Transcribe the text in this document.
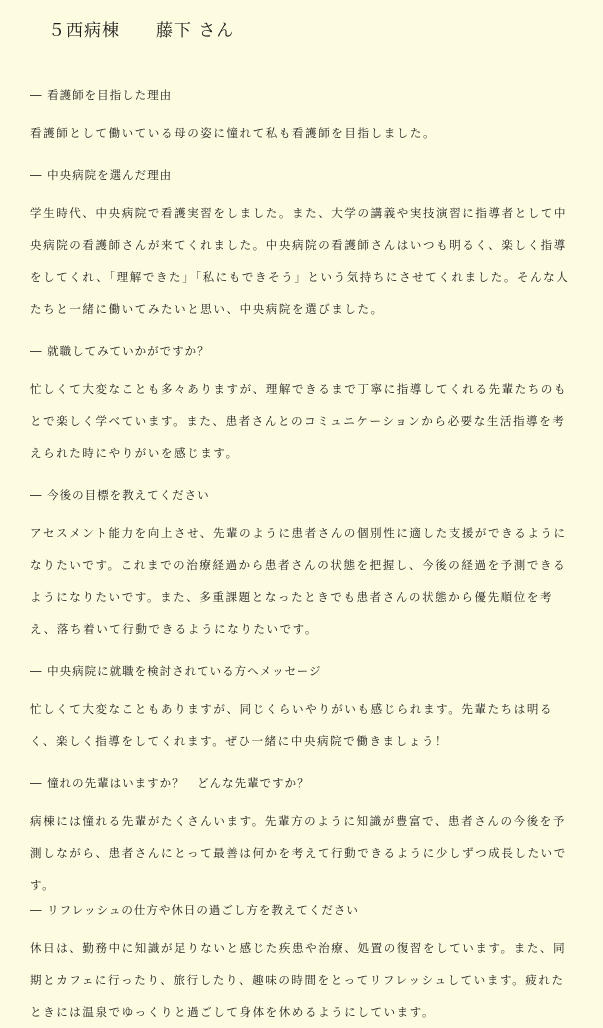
５西病棟　　 藤下 さん

― 看護師を目指した理由

看護師として働いている母の姿に憧れて私も看護師を目指しました。

― 中央病院を選んだ理由

学生時代、中央病院で看護実習をしました。また、大学の講義や実技演習に指導者として中央病院の看護師さんが来てくれました。中央病院の看護師さんはいつも明るく、楽しく指導をしてくれ、「理解できた」「私にもできそう」という気持ちにさせてくれました。そんな人たちと一緒に働いてみたいと思い、中央病院を選びました。

― 就職してみていかがですか？

忙しくて大変なことも多々ありますが、理解できるまで丁寧に指導してくれる先輩たちのもとで楽しく学べています。また、患者さんとのコミュニケーションから必要な生活指導を考えられた時にやりがいを感じます。

― 今後の目標を教えてください

アセスメント能力を向上させ、先輩のように患者さんの個別性に適した支援ができるようになりたいです。これまでの治療経過から患者さんの状態を把握し、今後の経過を予測できるようになりたいです。また、多重課題となったときでも患者さんの状態から優先順位を考え、落ち着いて行動できるようになりたいです。

― 中央病院に就職を検討されている方へメッセージ

忙しくて大変なこともありますが、同じくらいやりがいも感じられます。先輩たちは明るく、楽しく指導をしてくれます。ぜひ一緒に中央病院で働きましょう！

― 憧れの先輩はいますか？　どんな先輩ですか？

病棟には憧れる先輩がたくさんいます。先輩方のように知識が豊富で、患者さんの今後を予測しながら、患者さんにとって最善は何かを考えて行動できるように少しずつ成長したいです。

― リフレッシュの仕方や休日の過ごし方を教えてください

休日は、勤務中に知識が足りないと感じた疾患や治療、処置の復習をしています。また、同期とカフェに行ったり、旅行したり、趣味の時間をとってリフレッシュしています。疲れたときには温泉でゆっくりと過ごして身体を休めるようにしています。
